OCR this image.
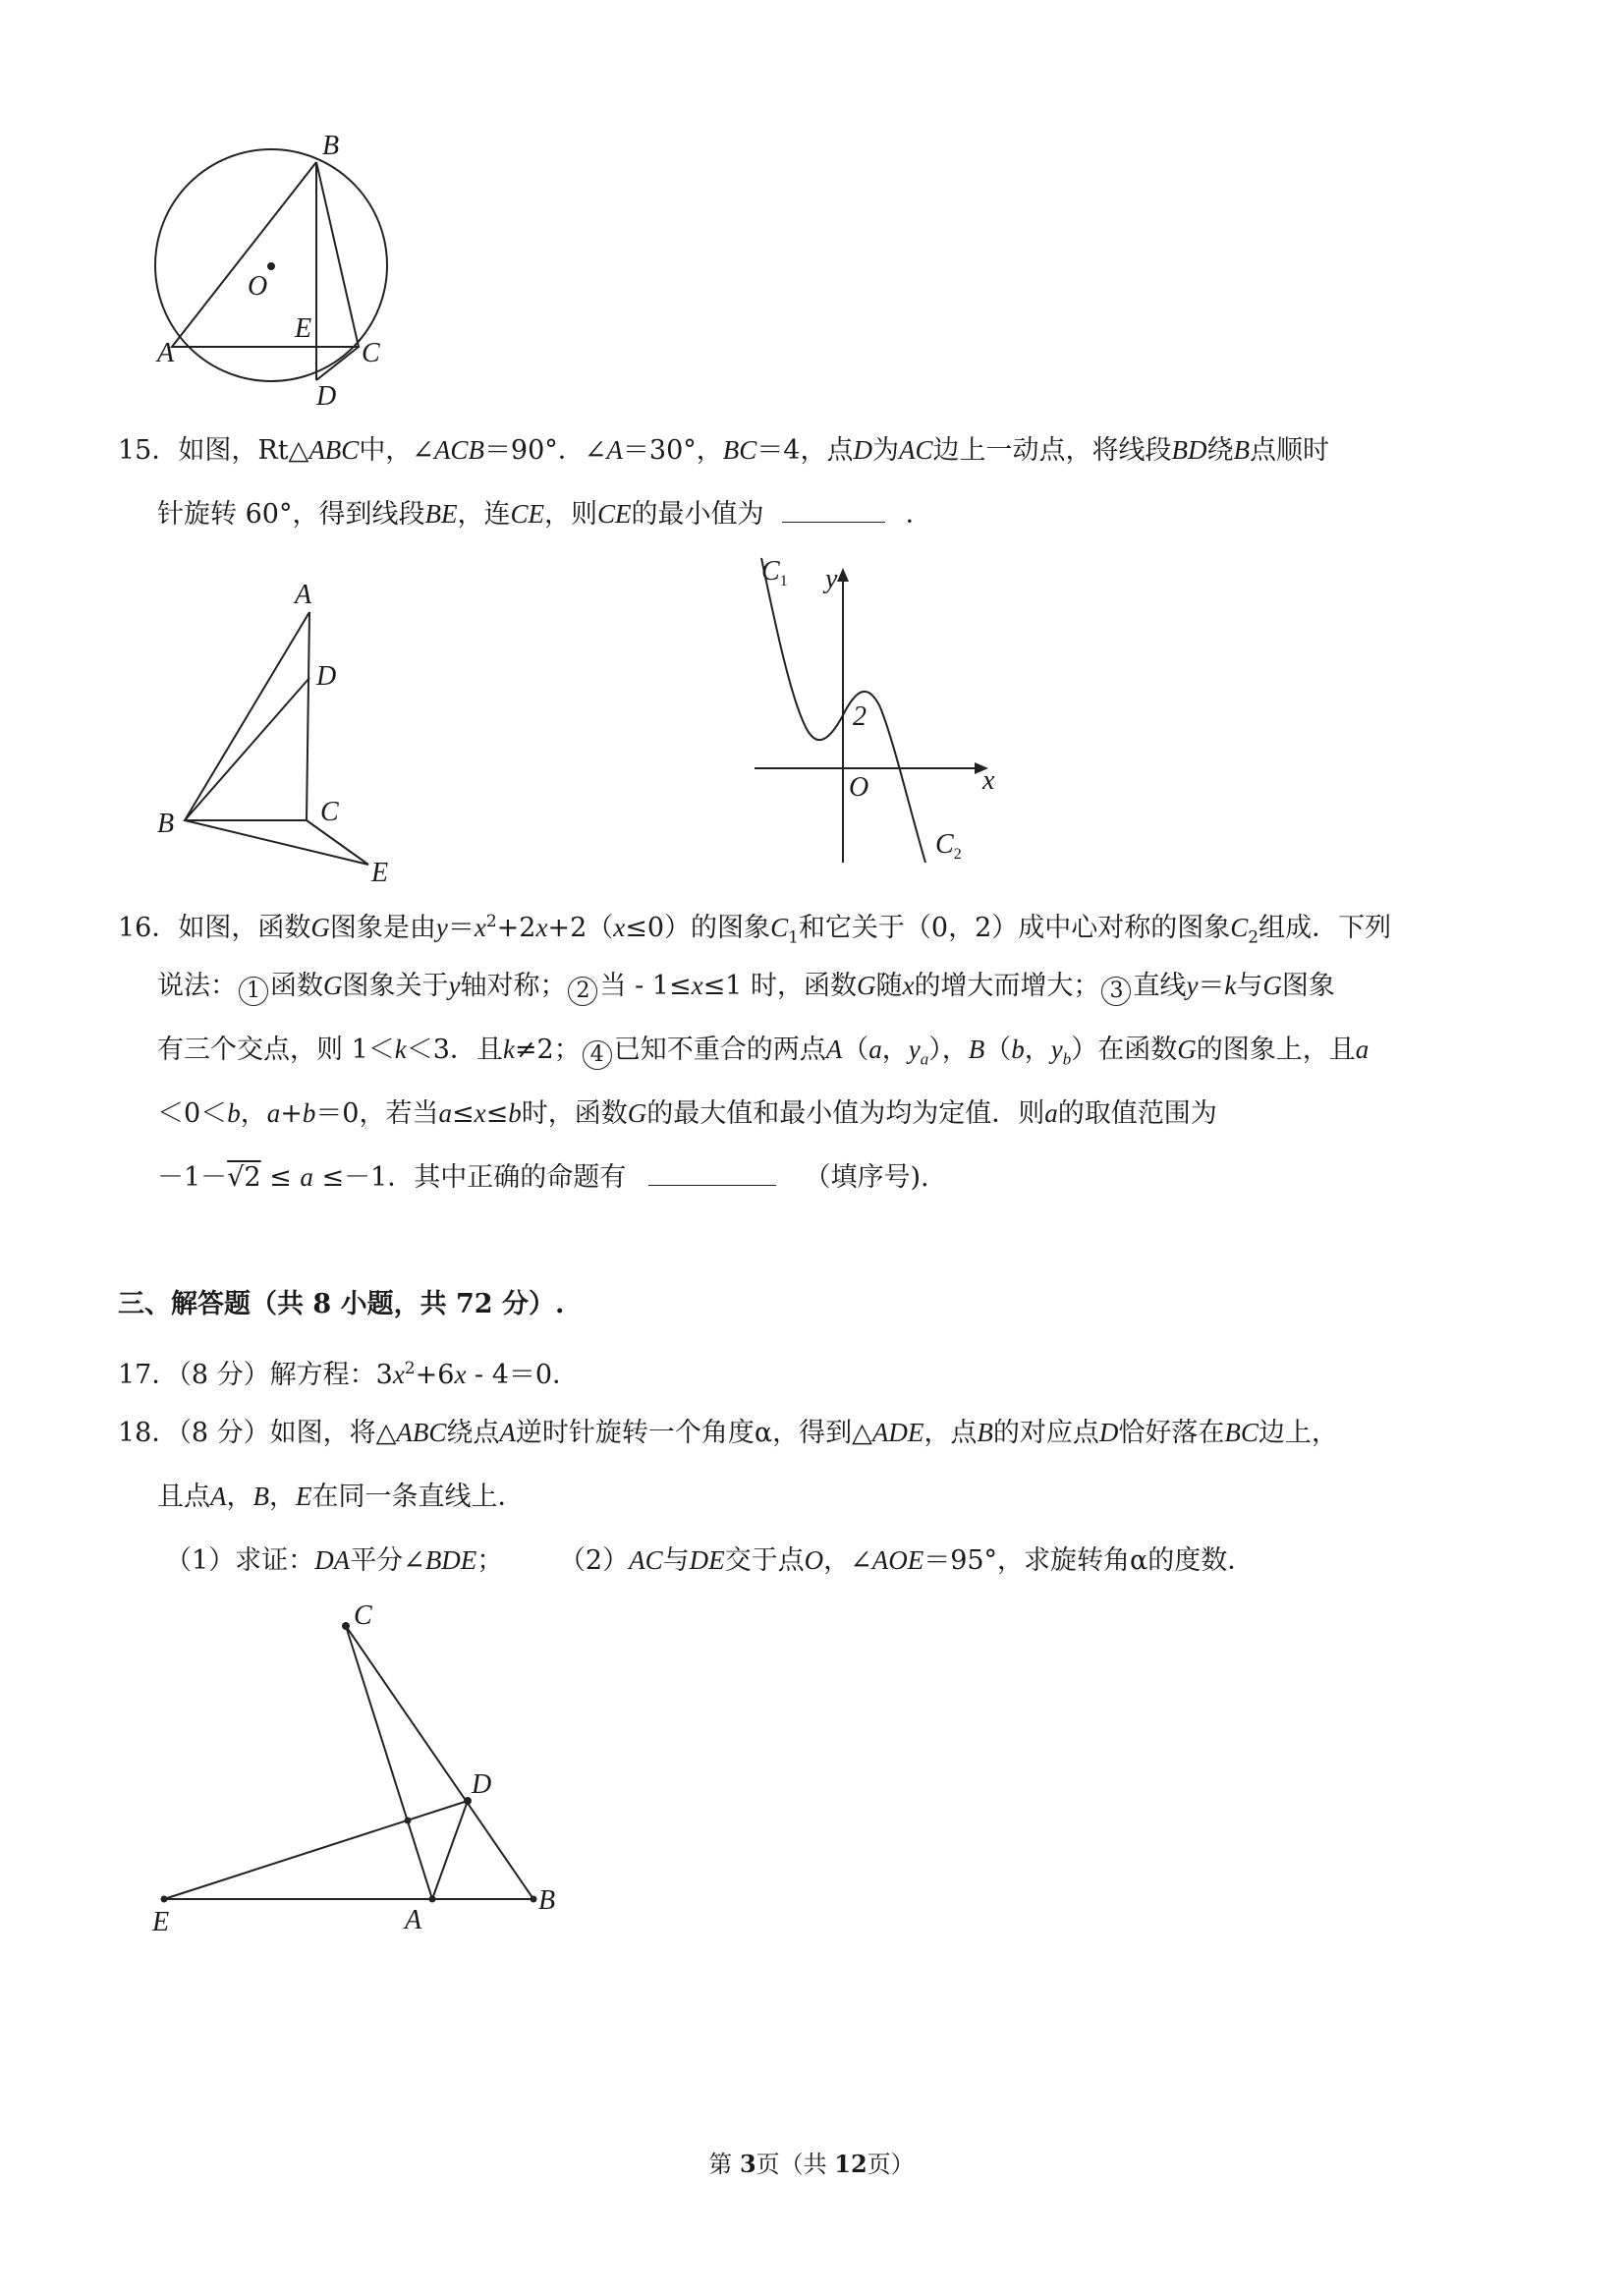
B
O
E
A	C
D
15．如图，Rt△ABC中，∠ACB＝90°．∠A＝30°，BC＝4，点D为AC边上一动点，将线段BD绕B点顺时
针旋转 60°，得到线段BE，连CE，则CE的最小值为	．
A
D
B	C
E
$C_1$ y
2
O	x
$C_2$
16．如图，函数G图象是由$y=x^2+2x+2(x\le 0)$的图象$C_1$和它关于（0，2）成中心对称的图象$C_2$组成．下列
说法： 1 函数G图象关于y轴对称； 2 当 ‐ 1≤x≤1 时，函数G随x的增大而增大； 3 直线y＝k与G图象
有三个交点，则 1＜k＜3．且k≠2； 4 已知不重合的两点A（a，$y_a$），B（b，$y_b$）在函数G的图象上，且a
＜0＜b，a+b＝0，若当a≤x≤b时，函数G的最大值和最小值为均为定值．则a的取值范围为
－1－√2 ≤ a ≤－1．其中正确的命题有	（填序号).
三、解答题（共 8 小题，共 72 分）.
17．（8 分）解方程：$3x^2+6x$ ‐ 4＝0．
18．（8 分）如图，将△ABC绕点A逆时针旋转一个角度α，得到△ADE，点B的对应点D恰好落在BC边上，
且点A，B，E在同一条直线上．
（1）求证：DA平分∠BDE； （2）AC与DE交于点O，∠AOE＝95°，求旋转角α的度数．
C
D
E	A
B
第 3页（共 12页）
